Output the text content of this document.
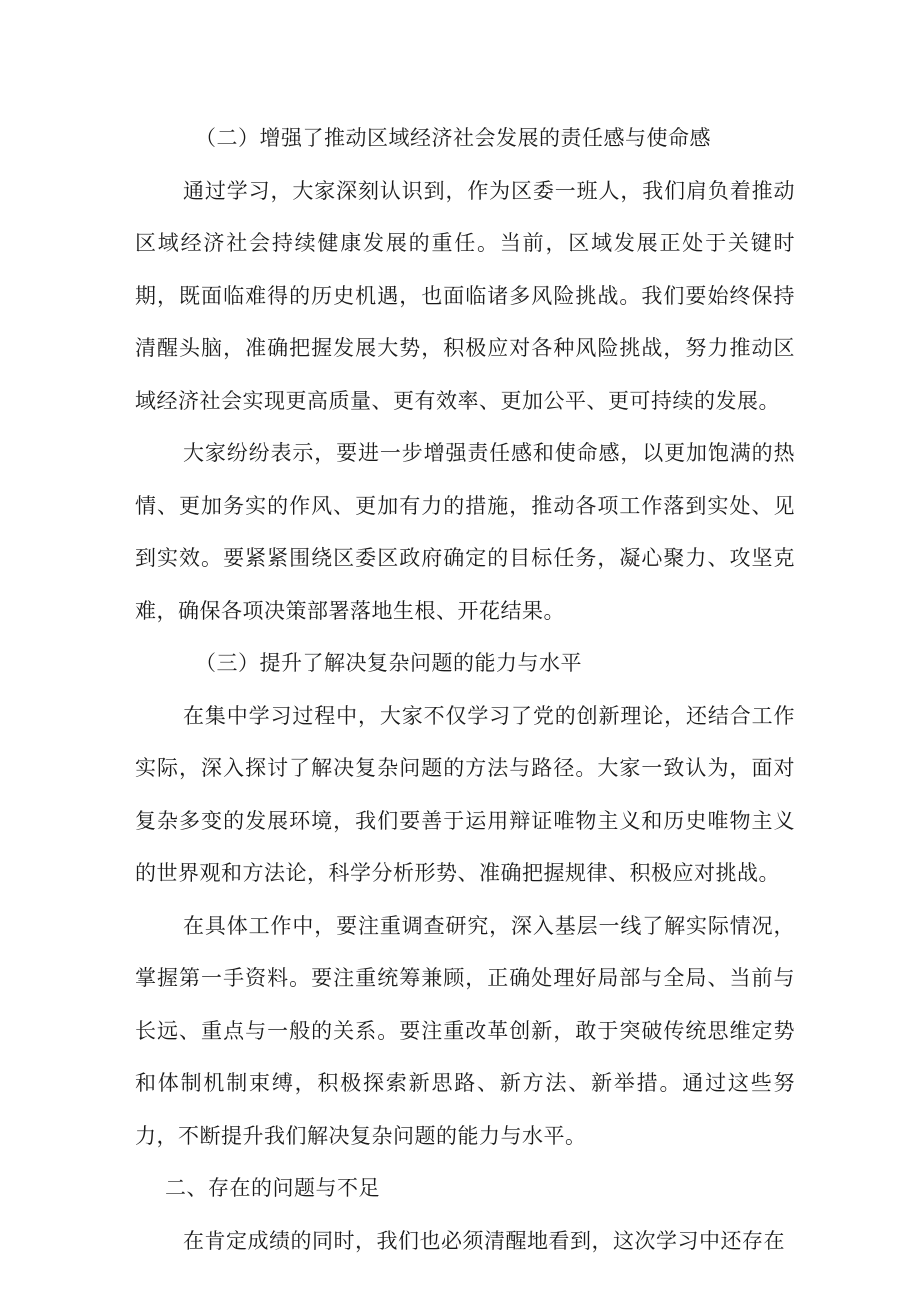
（二）增强了推动区域经济社会发展的责任感与使命感

通过学习，大家深刻认识到，作为区委一班人，我们肩负着推动区域经济社会持续健康发展的重任。当前，区域发展正处于关键时期，既面临难得的历史机遇，也面临诸多风险挑战。我们要始终保持清醒头脑，准确把握发展大势，积极应对各种风险挑战，努力推动区域经济社会实现更高质量、更有效率、更加公平、更可持续的发展。

大家纷纷表示，要进一步增强责任感和使命感，以更加饱满的热情、更加务实的作风、更加有力的措施，推动各项工作落到实处、见到实效。要紧紧围绕区委区政府确定的目标任务，凝心聚力、攻坚克难，确保各项决策部署落地生根、开花结果。

（三）提升了解决复杂问题的能力与水平

在集中学习过程中，大家不仅学习了党的创新理论，还结合工作实际，深入探讨了解决复杂问题的方法与路径。大家一致认为，面对复杂多变的发展环境，我们要善于运用辩证唯物主义和历史唯物主义的世界观和方法论，科学分析形势、准确把握规律、积极应对挑战。

在具体工作中，要注重调查研究，深入基层一线了解实际情况，掌握第一手资料。要注重统筹兼顾，正确处理好局部与全局、当前与长远、重点与一般的关系。要注重改革创新，敢于突破传统思维定势和体制机制束缚，积极探索新思路、新方法、新举措。通过这些努力，不断提升我们解决复杂问题的能力与水平。

二、存在的问题与不足

在肯定成绩的同时，我们也必须清醒地看到，这次学习中还存在
